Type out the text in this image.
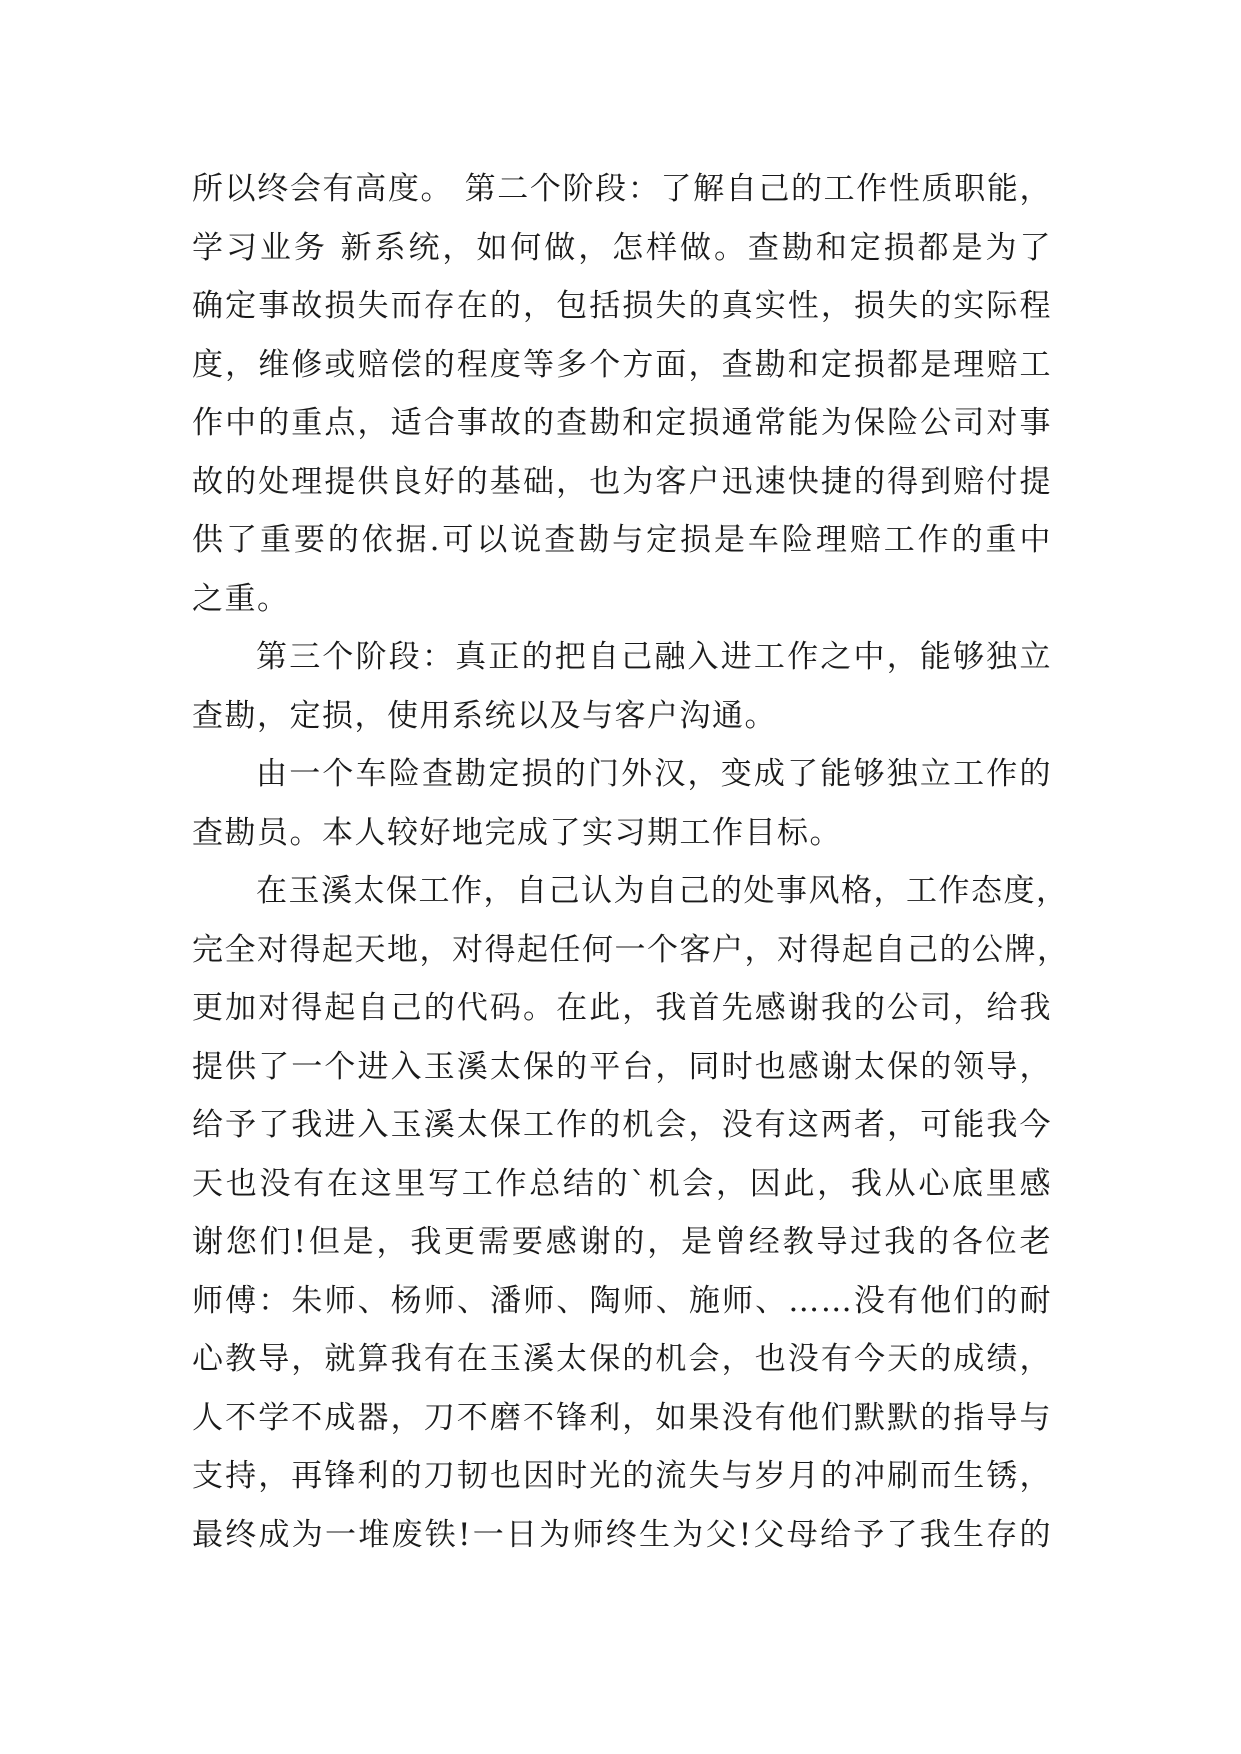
所以终会有高度。 第二个阶段：了解自己的工作性质职能，
学习业务 新系统，如何做，怎样做。查勘和定损都是为了
确定事故损失而存在的，包括损失的真实性，损失的实际程
度，维修或赔偿的程度等多个方面，查勘和定损都是理赔工
作中的重点，适合事故的查勘和定损通常能为保险公司对事
故的处理提供良好的基础，也为客户迅速快捷的得到赔付提
供了重要的依据.可以说查勘与定损是车险理赔工作的重中
之重。
第三个阶段：真正的把自己融入进工作之中，能够独立
查勘，定损，使用系统以及与客户沟通。
由一个车险查勘定损的门外汉，变成了能够独立工作的
查勘员。本人较好地完成了实习期工作目标。
在玉溪太保工作，自己认为自己的处事风格，工作态度，
完全对得起天地，对得起任何一个客户，对得起自己的公牌，
更加对得起自己的代码。在此，我首先感谢我的公司，给我
提供了一个进入玉溪太保的平台，同时也感谢太保的领导，
给予了我进入玉溪太保工作的机会，没有这两者，可能我今
天也没有在这里写工作总结的`机会，因此，我从心底里感
谢您们!但是，我更需要感谢的，是曾经教导过我的各位老
师傅：朱师、杨师、潘师、陶师、施师、……没有他们的耐
心教导，就算我有在玉溪太保的机会，也没有今天的成绩，
人不学不成器，刀不磨不锋利，如果没有他们默默的指导与
支持，再锋利的刀韧也因时光的流失与岁月的冲刷而生锈，
最终成为一堆废铁!一日为师终生为父!父母给予了我生存的
